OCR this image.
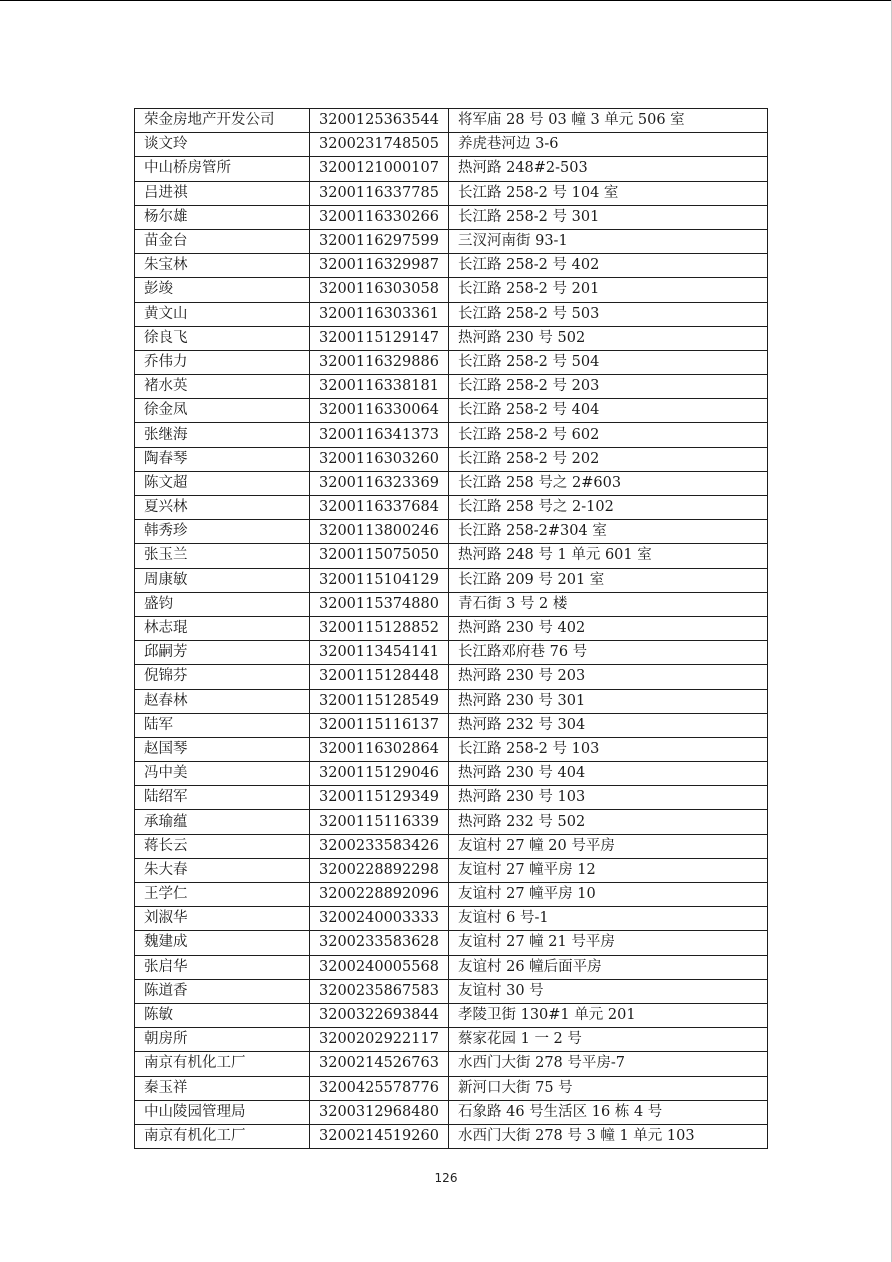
荣金房地产开发公司	3200125363544	将军庙 28 号 03 幢 3 单元 506 室
谈文玲	3200231748505	养虎巷河边 3-6
中山桥房管所	3200121000107	热河路 248#2-503
吕进祺	3200116337785	长江路 258-2 号 104 室
杨尔雄	3200116330266	长江路 258-2 号 301
苗金台	3200116297599	三汊河南街 93-1
朱宝林	3200116329987	长江路 258-2 号 402
彭竣	3200116303058	长江路 258-2 号 201
黄文山	3200116303361	长江路 258-2 号 503
徐良飞	3200115129147	热河路 230 号 502
乔伟力	3200116329886	长江路 258-2 号 504
褚水英	3200116338181	长江路 258-2 号 203
徐金凤	3200116330064	长江路 258-2 号 404
张继海	3200116341373	长江路 258-2 号 602
陶春琴	3200116303260	长江路 258-2 号 202
陈文超	3200116323369	长江路 258 号之 2#603
夏兴林	3200116337684	长江路 258 号之 2-102
韩秀珍	3200113800246	长江路 258-2#304 室
张玉兰	3200115075050	热河路 248 号 1 单元 601 室
周康敏	3200115104129	长江路 209 号 201 室
盛钧	3200115374880	青石街 3 号 2 楼
林志琨	3200115128852	热河路 230 号 402
邱嗣芳	3200113454141	长江路邓府巷 76 号
倪锦芬	3200115128448	热河路 230 号 203
赵春林	3200115128549	热河路 230 号 301
陆军	3200115116137	热河路 232 号 304
赵国琴	3200116302864	长江路 258-2 号 103
冯中美	3200115129046	热河路 230 号 404
陆绍军	3200115129349	热河路 230 号 103
承瑜蕴	3200115116339	热河路 232 号 502
蒋长云	3200233583426	友谊村 27 幢 20 号平房
朱大春	3200228892298	友谊村 27 幢平房 12
王学仁	3200228892096	友谊村 27 幢平房 10
刘淑华	3200240003333	友谊村 6 号-1
魏建成	3200233583628	友谊村 27 幢 21 号平房
张启华	3200240005568	友谊村 26 幢后面平房
陈道香	3200235867583	友谊村 30 号
陈敏	3200322693844	孝陵卫街 130#1 单元 201
朝房所	3200202922117	蔡家花园 1 一 2 号
南京有机化工厂	3200214526763	水西门大街 278 号平房-7
秦玉祥	3200425578776	新河口大街 75 号
中山陵园管理局	3200312968480	石象路 46 号生活区 16 栋 4 号
南京有机化工厂	3200214519260	水西门大街 278 号 3 幢 1 单元 103
126
